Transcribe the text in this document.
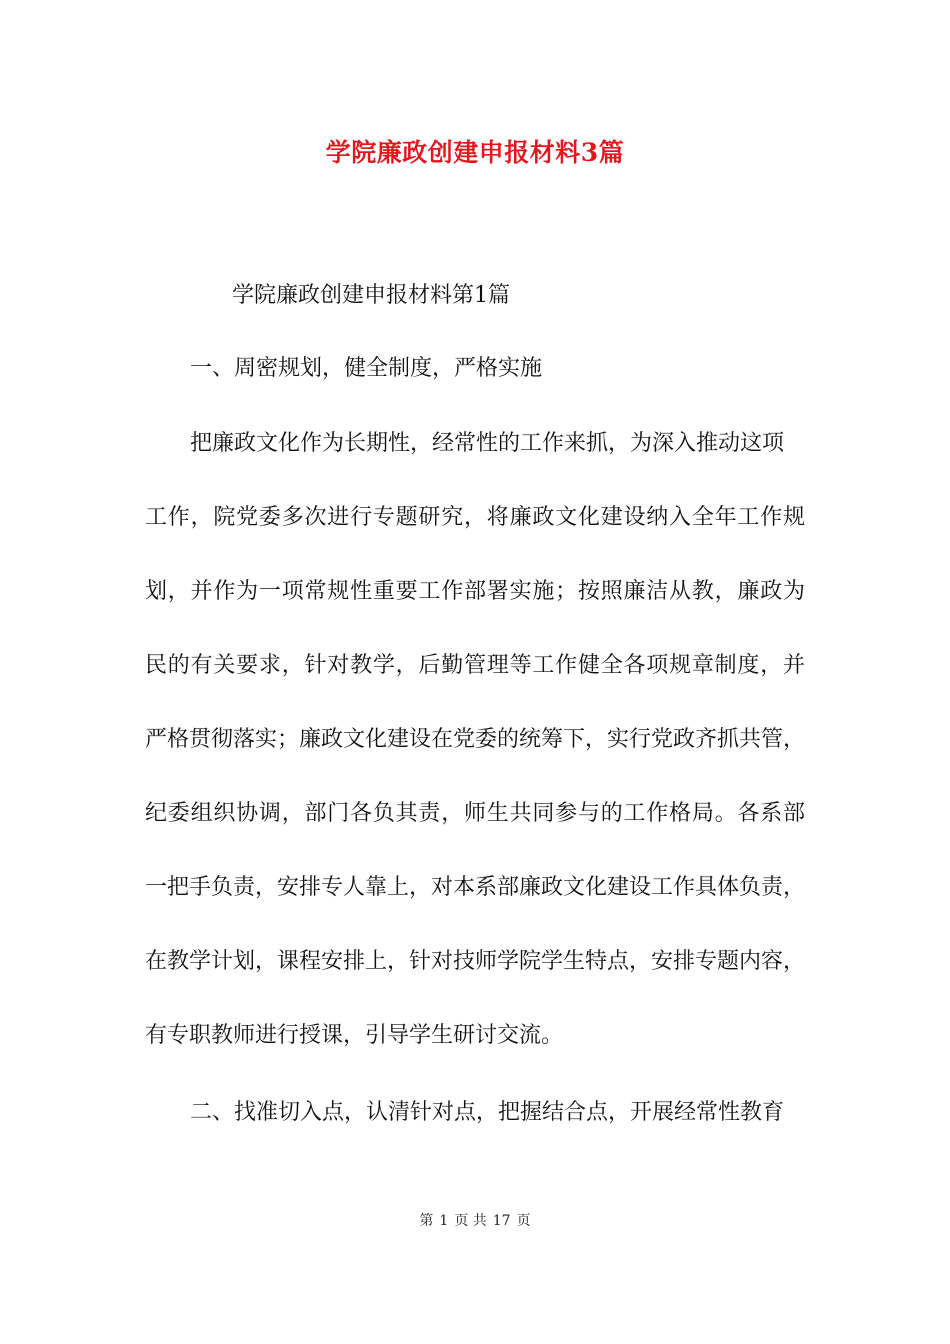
学院廉政创建申报材料3篇
学院廉政创建申报材料第1篇
一、周密规划，健全制度，严格实施
把廉政文化作为长期性，经常性的工作来抓，为深入推动这项
工作，院党委多次进行专题研究，将廉政文化建设纳入全年工作规
划，并作为一项常规性重要工作部署实施；按照廉洁从教，廉政为
民的有关要求，针对教学，后勤管理等工作健全各项规章制度，并
严格贯彻落实；廉政文化建设在党委的统筹下，实行党政齐抓共管，
纪委组织协调，部门各负其责，师生共同参与的工作格局。各系部
一把手负责，安排专人靠上，对本系部廉政文化建设工作具体负责，
在教学计划，课程安排上，针对技师学院学生特点，安排专题内容，
有专职教师进行授课，引导学生研讨交流。
二、找准切入点，认清针对点，把握结合点，开展经常性教育
第 1 页 共 17 页
